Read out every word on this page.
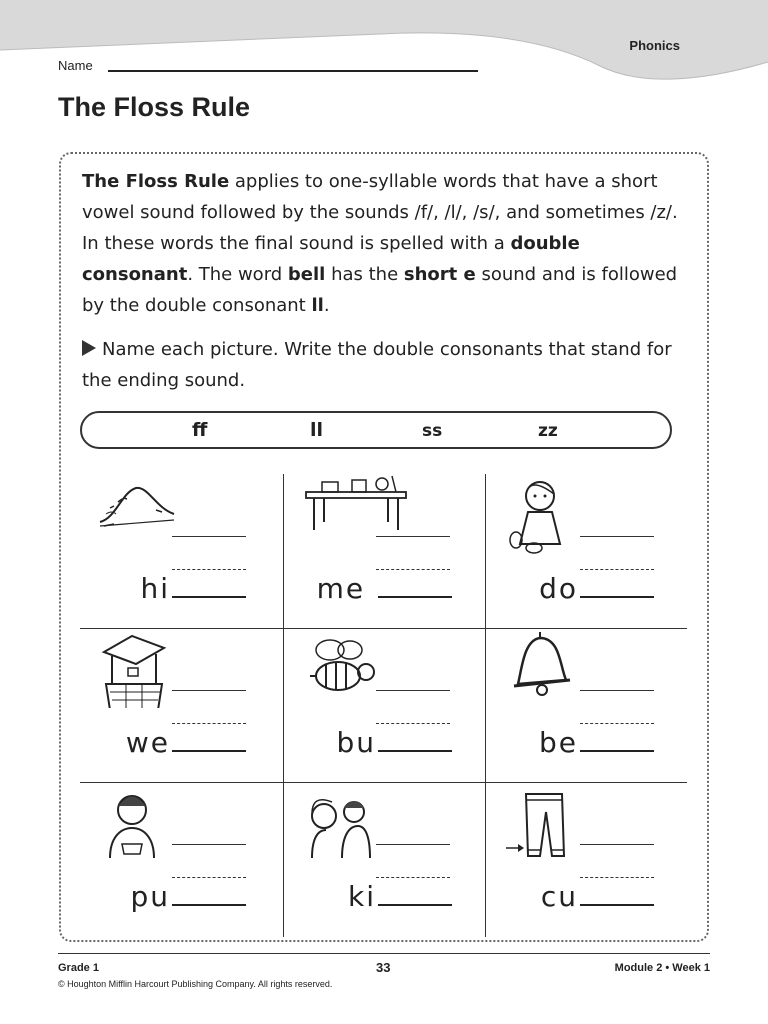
Phonics
Name
The Floss Rule
The Floss Rule applies to one-syllable words that have a short vowel sound followed by the sounds /f/, /l/, /s/, and sometimes /z/. In these words the final sound is spelled with a double consonant. The word bell has the short e sound and is followed by the double consonant ll.
Name each picture. Write the double consonants that stand for the ending sound.
ff	ll	ss	zz
hi	me	do
we	bu	be
pu	ki	cu
Grade 1	33	Module 2 • Week 1
© Houghton Mifflin Harcourt Publishing Company. All rights reserved.
